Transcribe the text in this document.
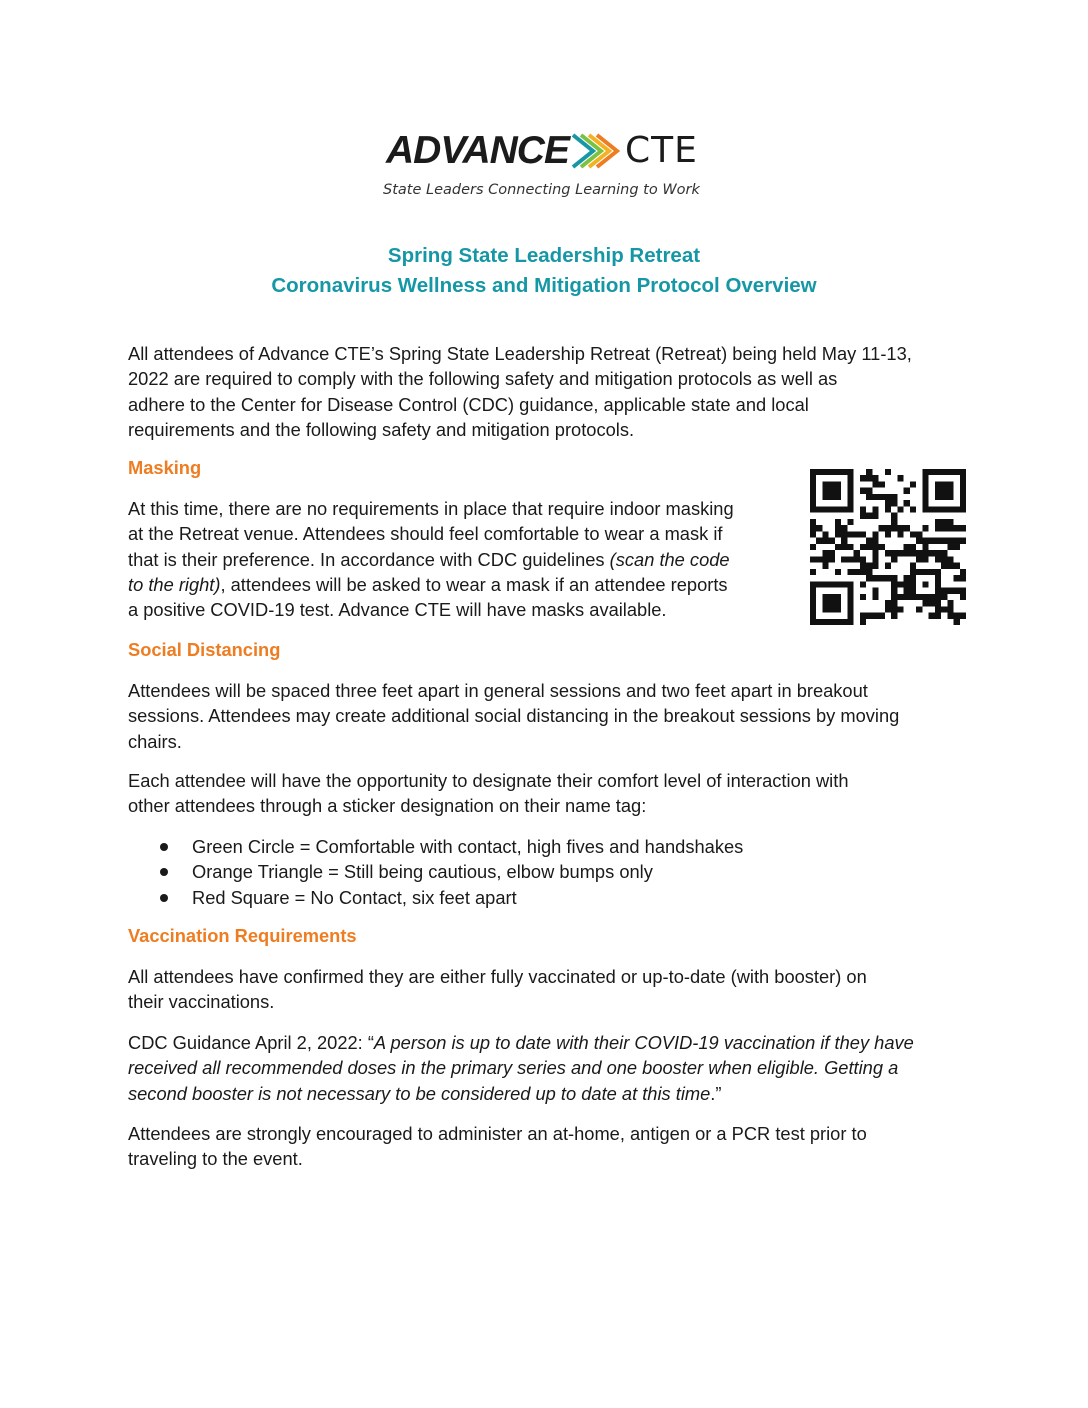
ADVANCE CTE
State Leaders Connecting Learning to Work
Spring State Leadership Retreat
Coronavirus Wellness and Mitigation Protocol Overview

All attendees of Advance CTE’s Spring State Leadership Retreat (Retreat) being held May 11-13,
2022 are required to comply with the following safety and mitigation protocols as well as
adhere to the Center for Disease Control (CDC) guidance, applicable state and local
requirements and the following safety and mitigation protocols.

Masking

At this time, there are no requirements in place that require indoor masking
at the Retreat venue. Attendees should feel comfortable to wear a mask if
that is their preference. In accordance with CDC guidelines (scan the code
to the right), attendees will be asked to wear a mask if an attendee reports
a positive COVID-19 test. Advance CTE will have masks available.

Social Distancing

Attendees will be spaced three feet apart in general sessions and two feet apart in breakout
sessions. Attendees may create additional social distancing in the breakout sessions by moving
chairs.

Each attendee will have the opportunity to designate their comfort level of interaction with
other attendees through a sticker designation on their name tag:

Green Circle = Comfortable with contact, high fives and handshakes
Orange Triangle = Still being cautious, elbow bumps only
Red Square = No Contact, six feet apart
Vaccination Requirements

All attendees have confirmed they are either fully vaccinated or up-to-date (with booster) on
their vaccinations.

CDC Guidance April 2, 2022: “A person is up to date with their COVID-19 vaccination if they have
received all recommended doses in the primary series and one booster when eligible. Getting a
second booster is not necessary to be considered up to date at this time.”

Attendees are strongly encouraged to administer an at-home, antigen or a PCR test prior to
traveling to the event.
